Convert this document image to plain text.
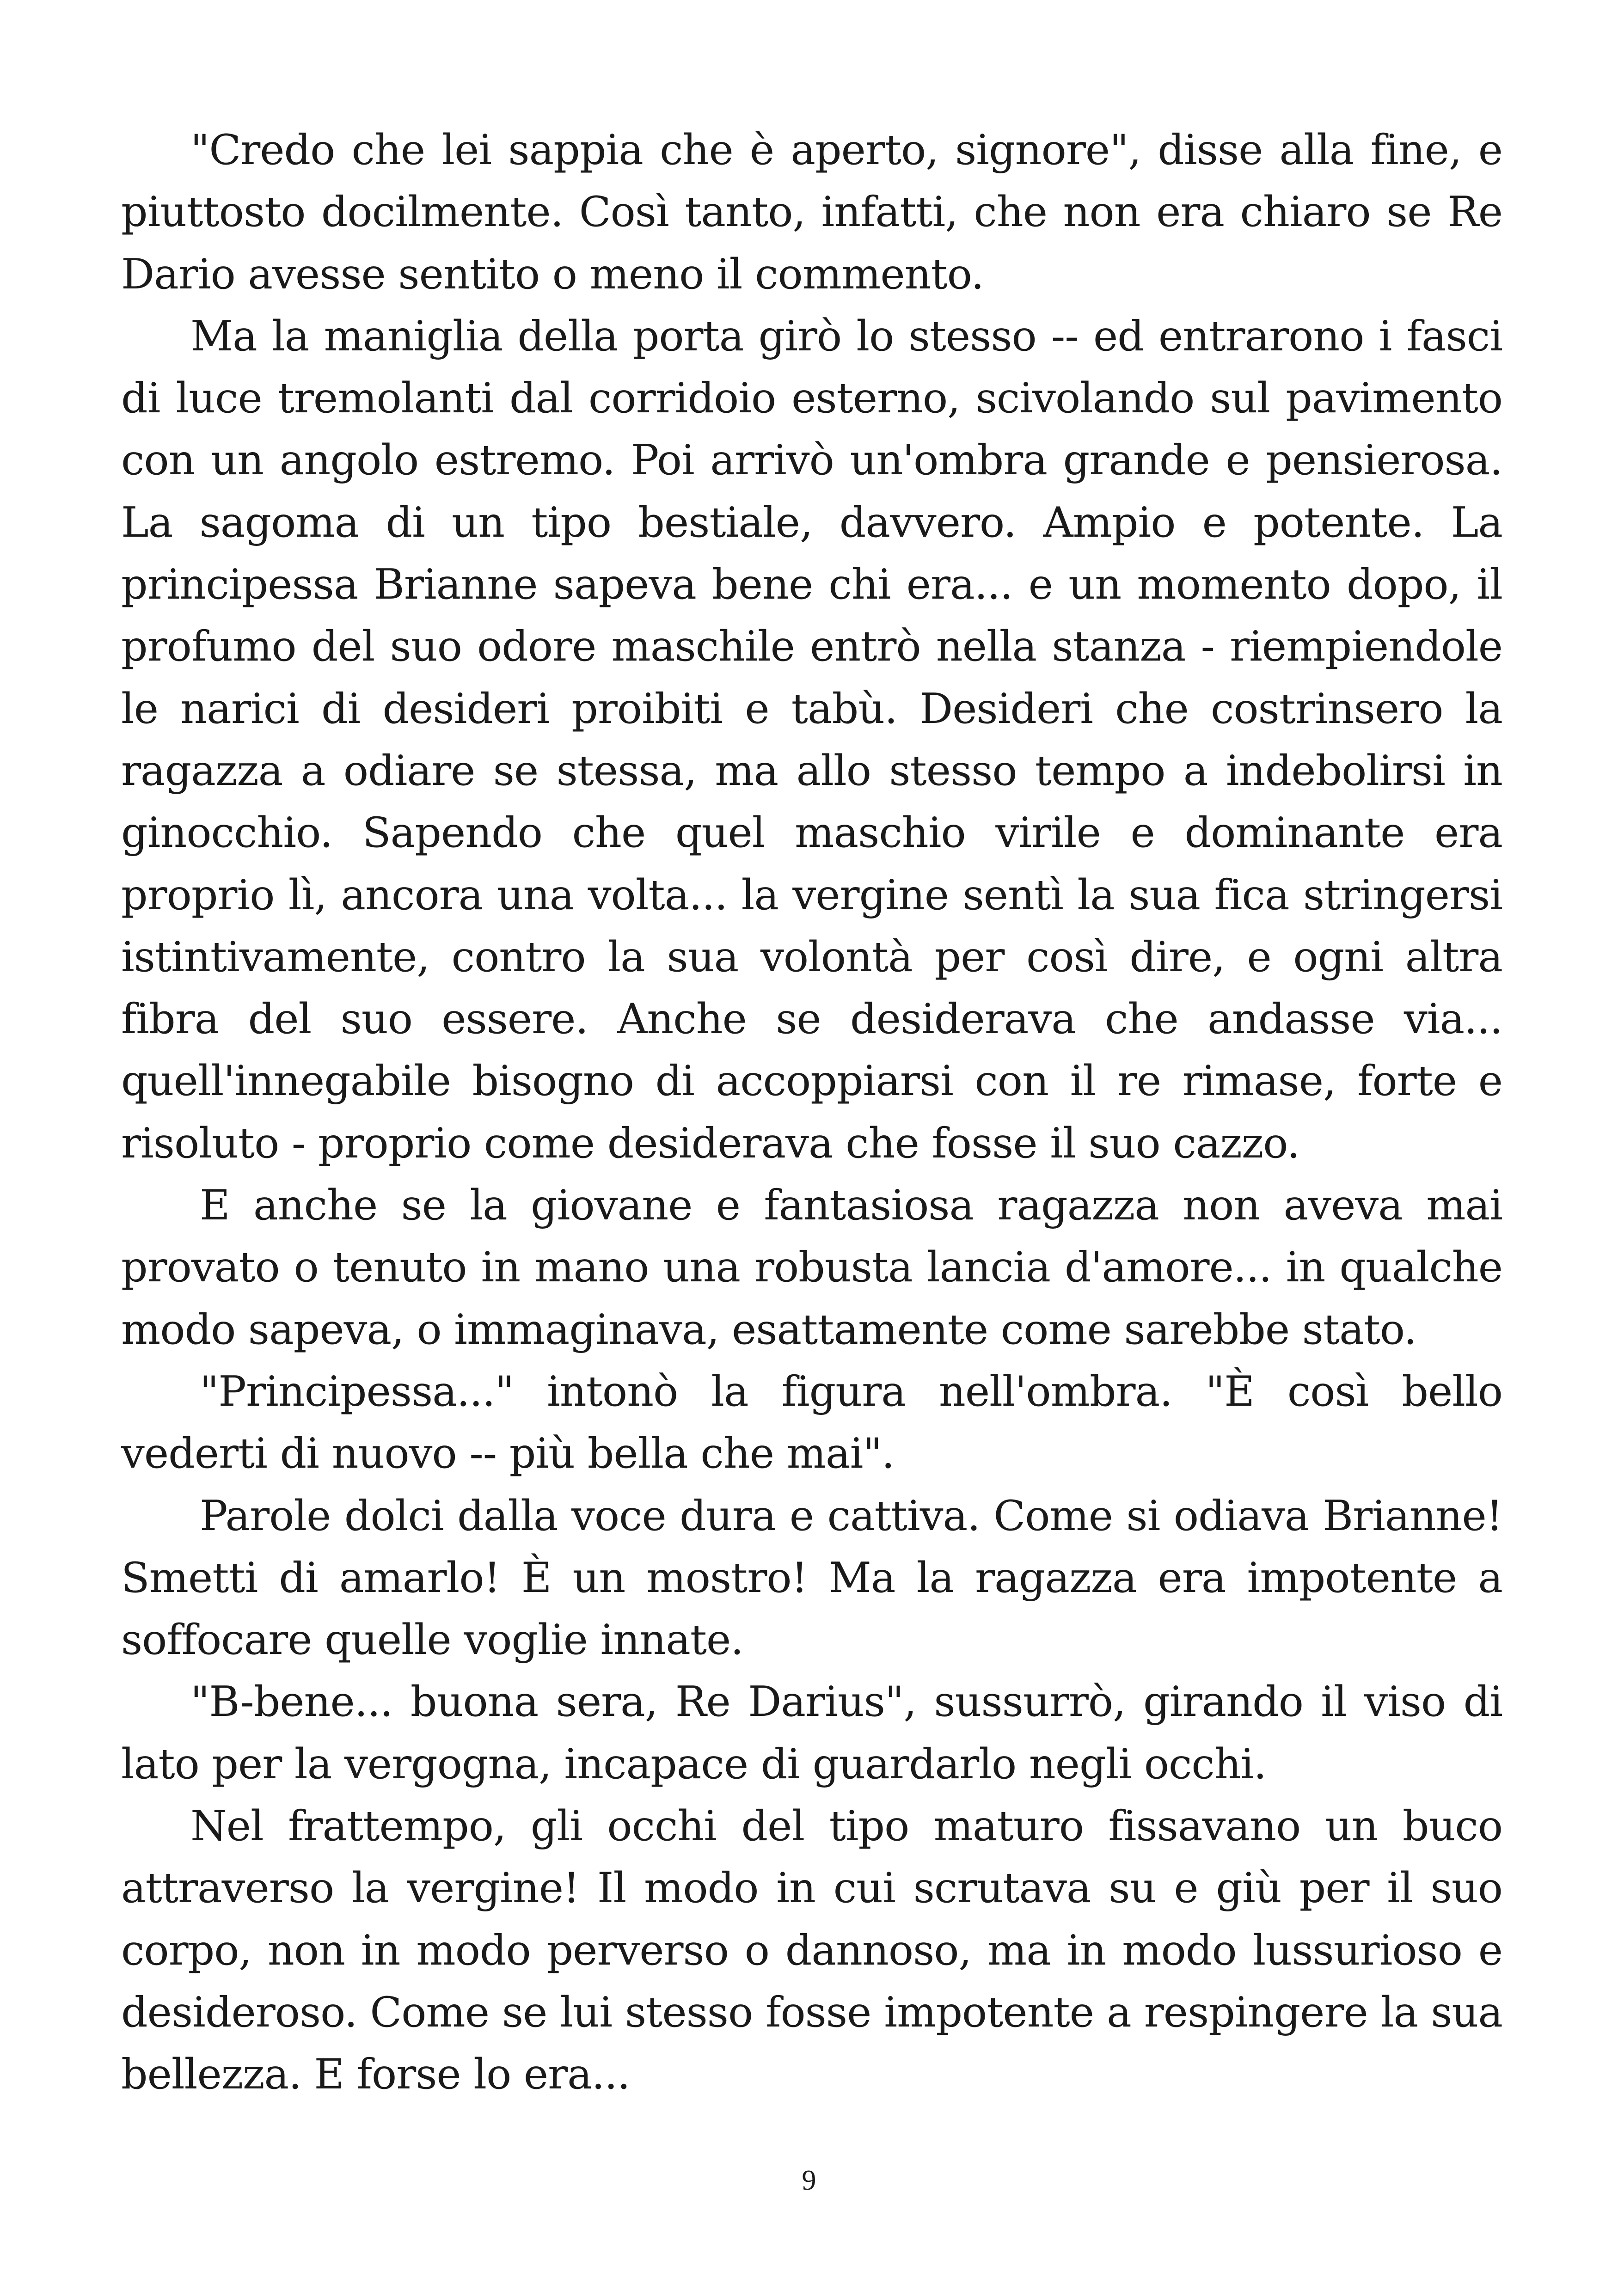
"Credo che lei sappia che è aperto, signore", disse alla fine, e piuttosto docilmente. Così tanto, infatti, che non era chiaro se Re Dario avesse sentito o meno il commento.

Ma la maniglia della porta girò lo stesso -- ed entrarono i fasci di luce tremolanti dal corridoio esterno, scivolando sul pavimento con un angolo estremo. Poi arrivò un'ombra grande e pensierosa. La sagoma di un tipo bestiale, davvero. Ampio e potente. La principessa Brianne sapeva bene chi era... e un momento dopo, il profumo del suo odore maschile entrò nella stanza - riempiendole le narici di desideri proibiti e tabù. Desideri che costrinsero la ragazza a odiare se stessa, ma allo stesso tempo a indebolirsi in ginocchio. Sapendo che quel maschio virile e dominante era proprio lì, ancora una volta... la vergine sentì la sua fica stringersi istintivamente, contro la sua volontà per così dire, e ogni altra fibra del suo essere. Anche se desiderava che andasse via... quell'innegabile bisogno di accoppiarsi con il re rimase, forte e risoluto - proprio come desiderava che fosse il suo cazzo.

E anche se la giovane e fantasiosa ragazza non aveva mai provato o tenuto in mano una robusta lancia d'amore... in qualche modo sapeva, o immaginava, esattamente come sarebbe stato.

"Principessa..." intonò la figura nell'ombra. "È così bello vederti di nuovo -- più bella che mai".

Parole dolci dalla voce dura e cattiva. Come si odiava Brianne! Smetti di amarlo! È un mostro! Ma la ragazza era impotente a soffocare quelle voglie innate.

"B-bene... buona sera, Re Darius", sussurrò, girando il viso di lato per la vergogna, incapace di guardarlo negli occhi.

Nel frattempo, gli occhi del tipo maturo fissavano un buco attraverso la vergine! Il modo in cui scrutava su e giù per il suo corpo, non in modo perverso o dannoso, ma in modo lussurioso e desideroso. Come se lui stesso fosse impotente a respingere la sua bellezza. E forse lo era...

9
